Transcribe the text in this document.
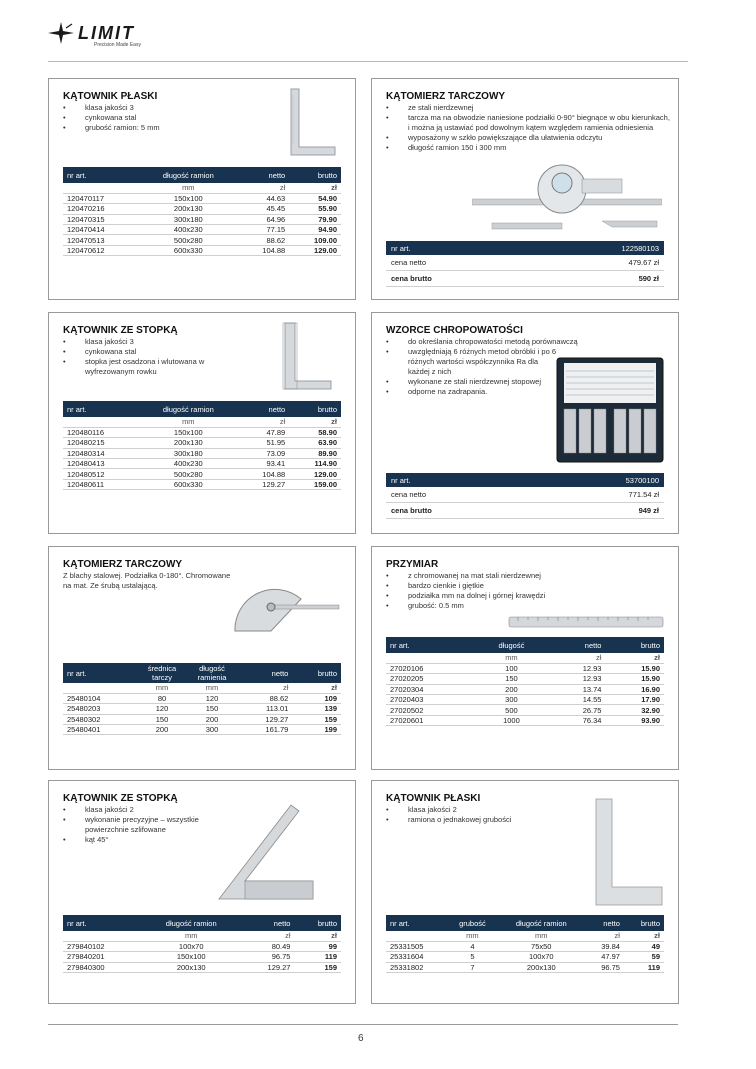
LIMIT
Precision Made Easy
KĄTOWNIK PŁASKI
• klasa jakości 3
• cynkowana stal
• grubość ramion: 5 mm
nr art.	długość ramion	netto	brutto
	mm	zł	zł
120470117	150x100	44.63	54.90
120470216	200x130	45.45	55.90
120470315	300x180	64.96	79.90
120470414	400x230	77.15	94.90
120470513	500x280	88.62	109.00
120470612	600x330	104.88	129.00
KĄTOMIERZ TARCZOWY
• ze stali nierdzewnej
• tarcza ma na obwodzie naniesione podziałki 0-90° biegnące w obu kierunkach, i można ją ustawiać pod dowolnym kątem względem ramienia odniesienia
• wyposażony w szkło powiększające dla ułatwienia odczytu
• długość ramion 150 i 300 mm
nr art.	122580103
cena netto	479.67 zł
cena brutto	590 zł
KĄTOWNIK ZE STOPKĄ
• klasa jakości 3
• cynkowana stal
• stopka jest osadzona i wlutowana w wyfrezowanym rowku
nr art.	długość ramion	netto	brutto
	mm	zł	zł
120480116	150x100	47.89	58.90
120480215	200x130	51.95	63.90
120480314	300x180	73.09	89.90
120480413	400x230	93.41	114.90
120480512	500x280	104.88	129.00
120480611	600x330	129.27	159.00
WZORCE CHROPOWATOŚCI
• do określania chropowatości metodą porównawczą
• uwzględniają 6 różnych metod obróbki i po 6 różnych wartości współczynnika Ra dla każdej z nich
• wykonane ze stali nierdzewnej stopowej
• odporne na zadrapania.
nr art.	53700100
cena netto	771.54 zł
cena brutto	949 zł
KĄTOMIERZ TARCZOWY
Z blachy stalowej. Podziałka 0-180°. Chromowane na mat. Ze śrubą ustalającą.
nr art.	średnica tarczy	długość ramienia	netto	brutto
	mm	mm	zł	zł
25480104	80	120	88.62	109
25480203	120	150	113.01	139
25480302	150	200	129.27	159
25480401	200	300	161.79	199
PRZYMIAR
• z chromowanej na mat stali nierdzewnej
• bardzo cienkie i giętkie
• podziałka mm na dolnej i górnej krawędzi
• grubość: 0.5 mm
nr art.	długość	netto	brutto
	mm	zł	zł
27020106	100	12.93	15.90
27020205	150	12.93	15.90
27020304	200	13.74	16.90
27020403	300	14.55	17.90
27020502	500	26.75	32.90
27020601	1000	76.34	93.90
KĄTOWNIK ZE STOPKĄ
• klasa jakości 2
• wykonanie precyzyjne – wszystkie powierzchnie szlifowane
• kąt 45°
nr art.	długość ramion	netto	brutto
	mm	zł	zł
279840102	100x70	80.49	99
279840201	150x100	96.75	119
279840300	200x130	129.27	159
KĄTOWNIK PŁASKI
• klasa jakości 2
• ramiona o jednakowej grubości
nr art.	grubość	długość ramion	netto	brutto
	mm	mm	zł	zł
25331505	4	75x50	39.84	49
25331604	5	100x70	47.97	59
25331802	7	200x130	96.75	119
6
